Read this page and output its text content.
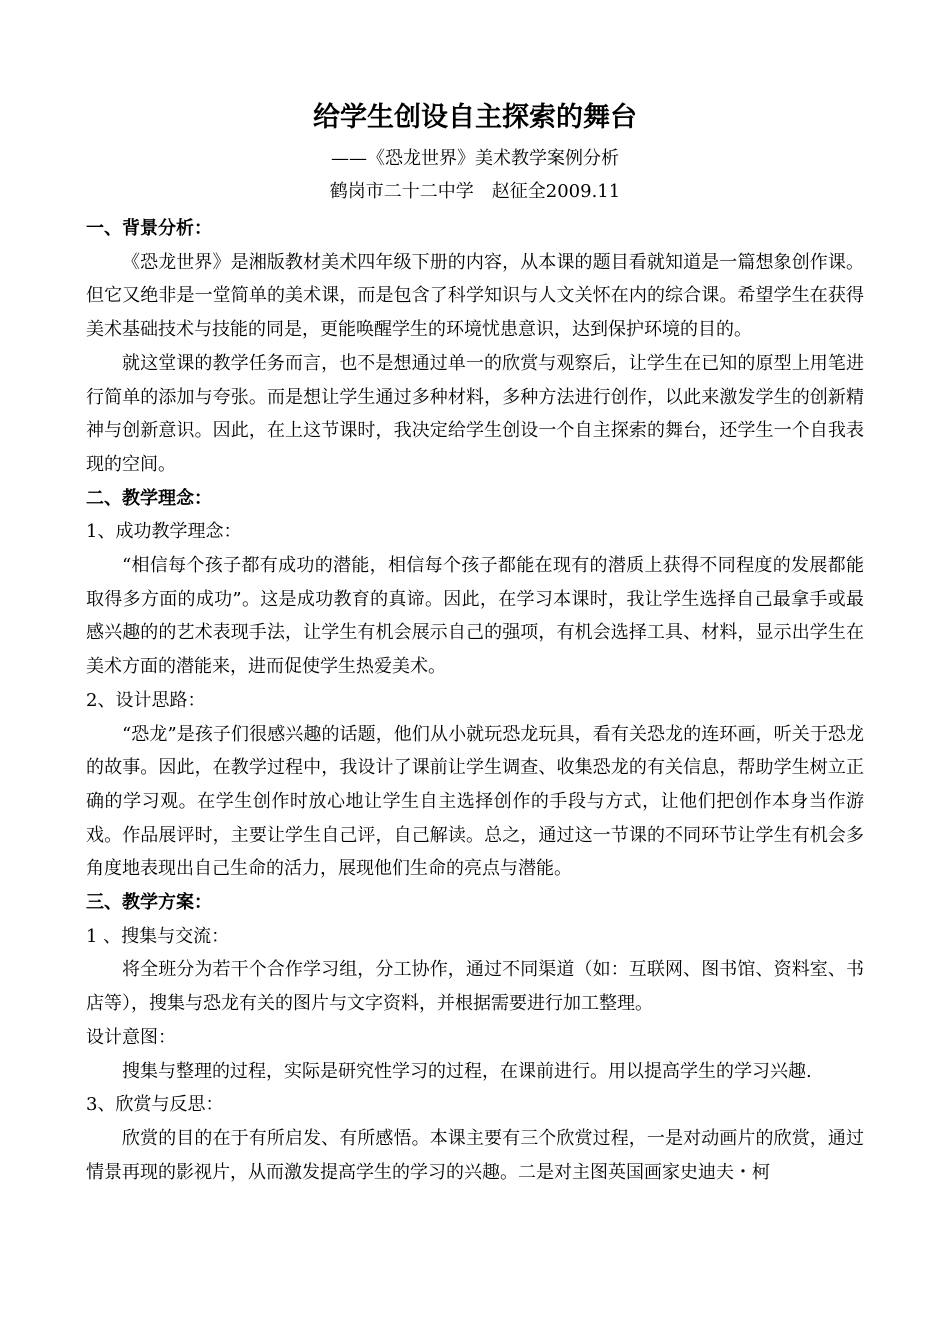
给学生创设自主探索的舞台
——《恐龙世界》美术教学案例分析
鹤岗市二十二中学　赵征全2009.11
一、背景分析：
《恐龙世界》是湘版教材美术四年级下册的内容，从本课的题目看就知道是一篇想象创作课。但它又绝非是一堂简单的美术课，而是包含了科学知识与人文关怀在内的综合课。希望学生在获得美术基础技术与技能的同是，更能唤醒学生的环境忧患意识，达到保护环境的目的。
就这堂课的教学任务而言，也不是想通过单一的欣赏与观察后，让学生在已知的原型上用笔进行简单的添加与夸张。而是想让学生通过多种材料，多种方法进行创作，以此来激发学生的创新精神与创新意识。因此，在上这节课时，我决定给学生创设一个自主探索的舞台，还学生一个自我表现的空间。
二、教学理念：
1、成功教学理念：
“相信每个孩子都有成功的潜能，相信每个孩子都能在现有的潜质上获得不同程度的发展都能取得多方面的成功”。这是成功教育的真谛。因此，在学习本课时，我让学生选择自己最拿手或最感兴趣的的艺术表现手法，让学生有机会展示自己的强项，有机会选择工具、材料，显示出学生在美术方面的潜能来，进而促使学生热爱美术。
2、设计思路：
“恐龙”是孩子们很感兴趣的话题，他们从小就玩恐龙玩具，看有关恐龙的连环画，听关于恐龙的故事。因此，在教学过程中，我设计了课前让学生调查、收集恐龙的有关信息，帮助学生树立正确的学习观。在学生创作时放心地让学生自主选择创作的手段与方式，让他们把创作本身当作游戏。作品展评时，主要让学生自己评，自己解读。总之，通过这一节课的不同环节让学生有机会多角度地表现出自己生命的活力，展现他们生命的亮点与潜能。
三、教学方案：
1 、搜集与交流：
将全班分为若干个合作学习组，分工协作，通过不同渠道（如：互联网、图书馆、资料室、书店等），搜集与恐龙有关的图片与文字资料，并根据需要进行加工整理。
设计意图：
搜集与整理的过程，实际是研究性学习的过程，在课前进行。用以提高学生的学习兴趣.
3、欣赏与反思：
欣赏的目的在于有所启发、有所感悟。本课主要有三个欣赏过程，一是对动画片的欣赏，通过情景再现的影视片，从而激发提高学生的学习的兴趣。二是对主图英国画家史迪夫・柯
